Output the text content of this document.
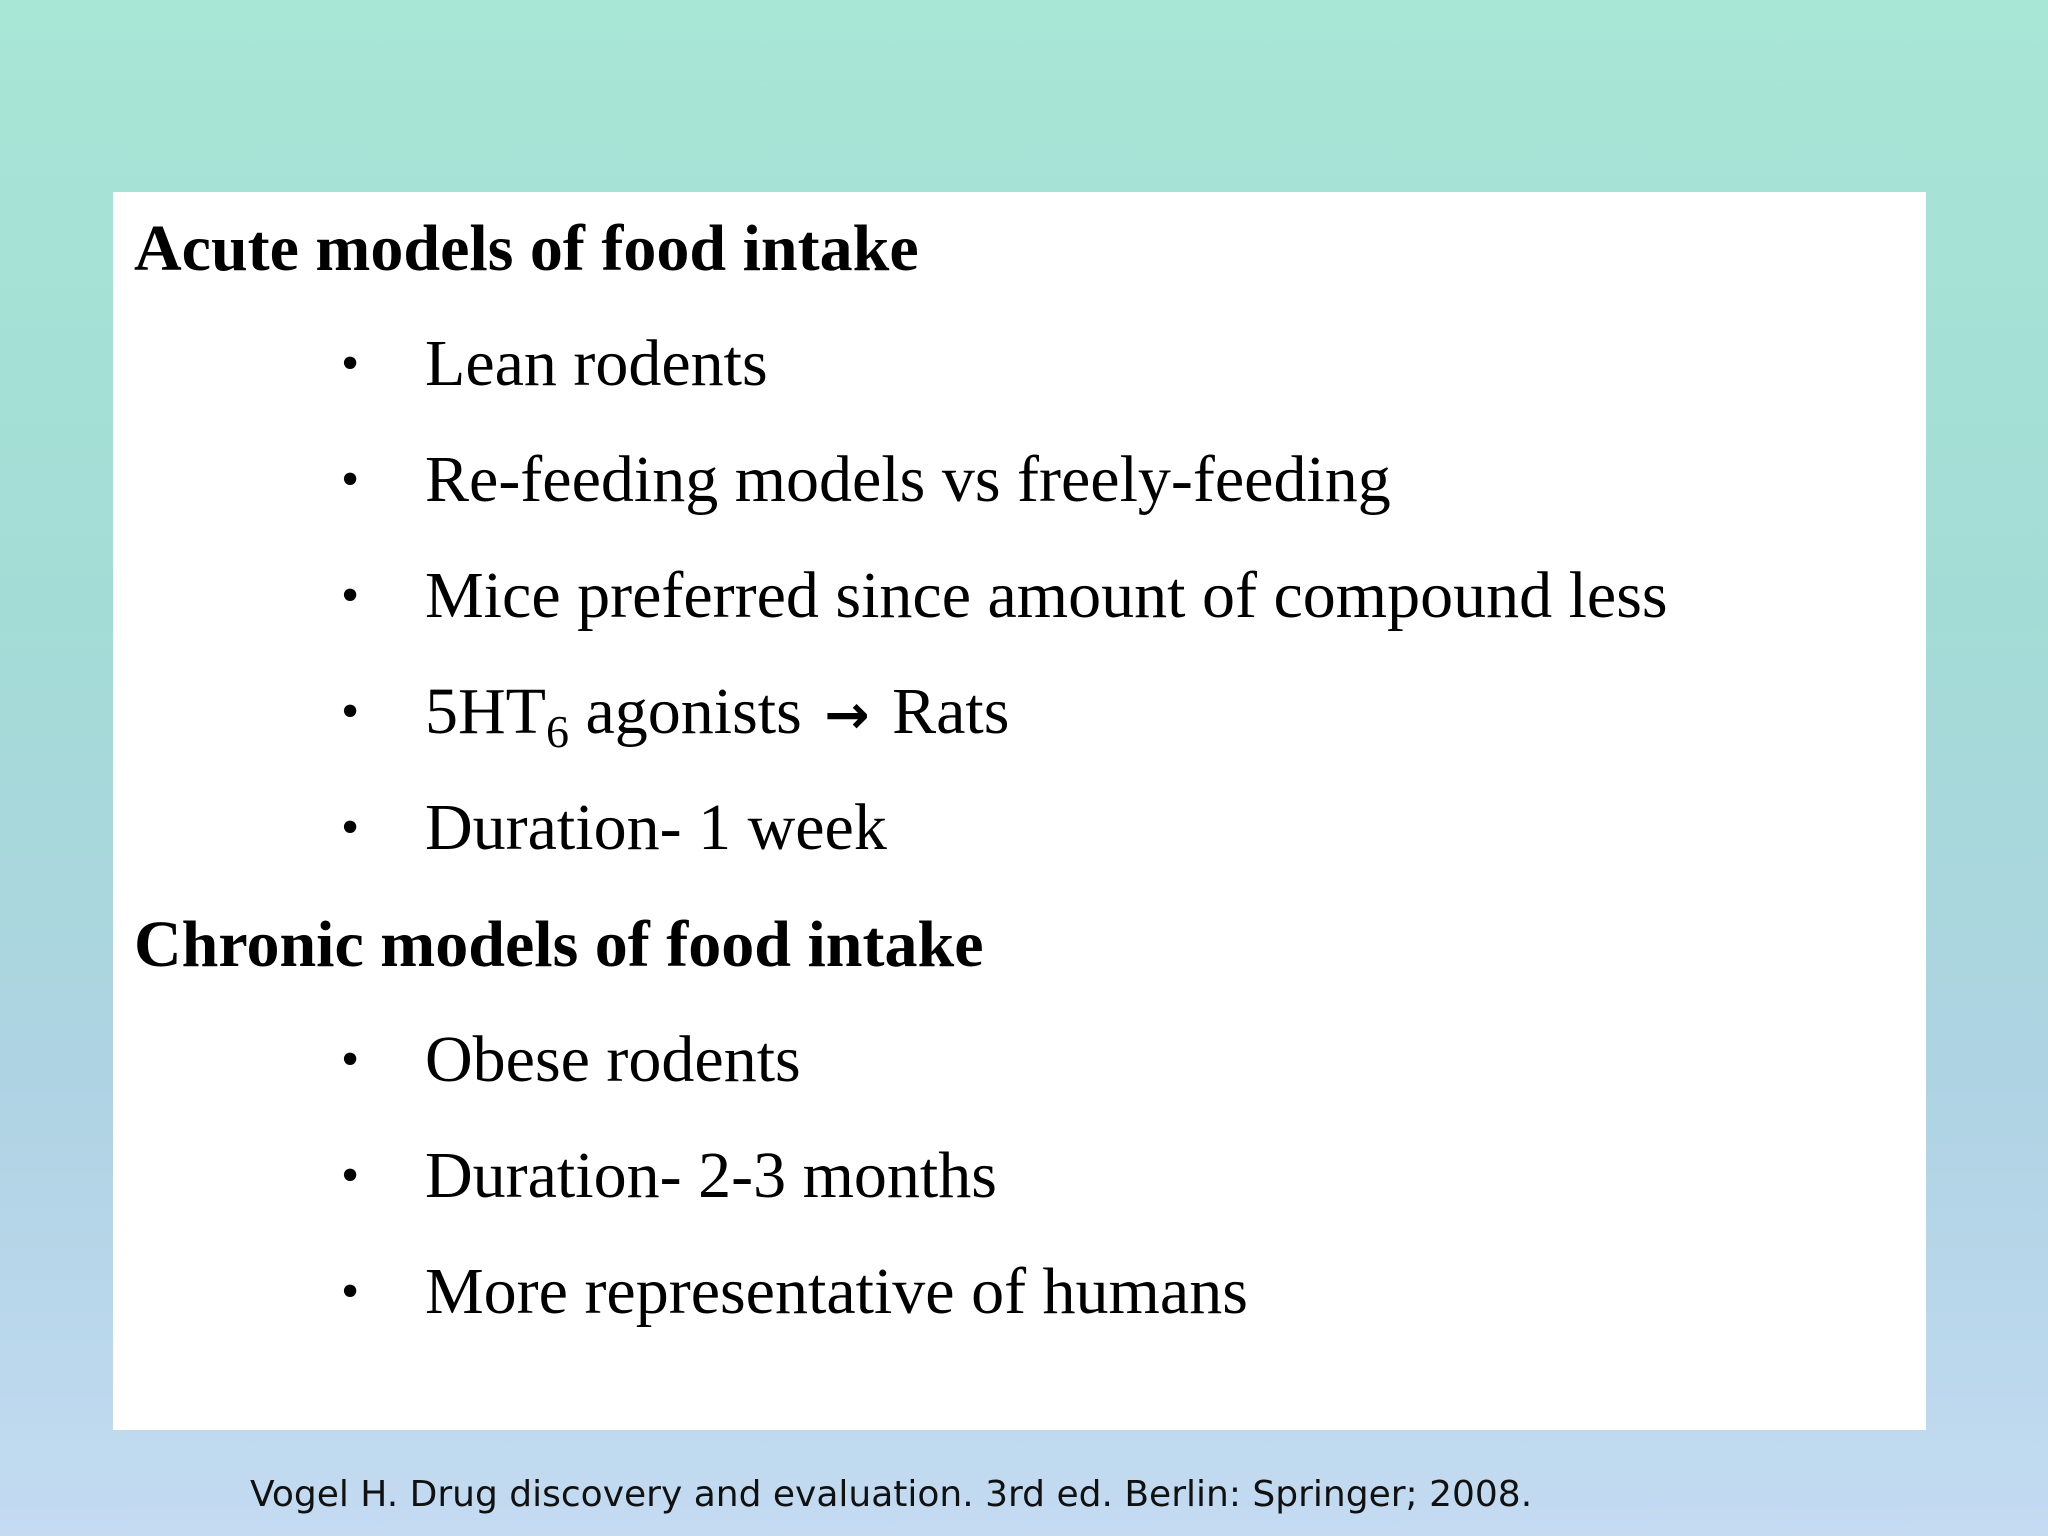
Acute models of food intake
• Lean rodents
• Re-feeding models vs freely-feeding
• Mice preferred since amount of compound less
• $5HT_6$ agonists → Rats
• Duration- 1 week
Chronic models of food intake
• Obese rodents
• Duration- 2-3 months
• More representative of humans
Vogel H. Drug discovery and evaluation. 3rd ed. Berlin: Springer; 2008.
